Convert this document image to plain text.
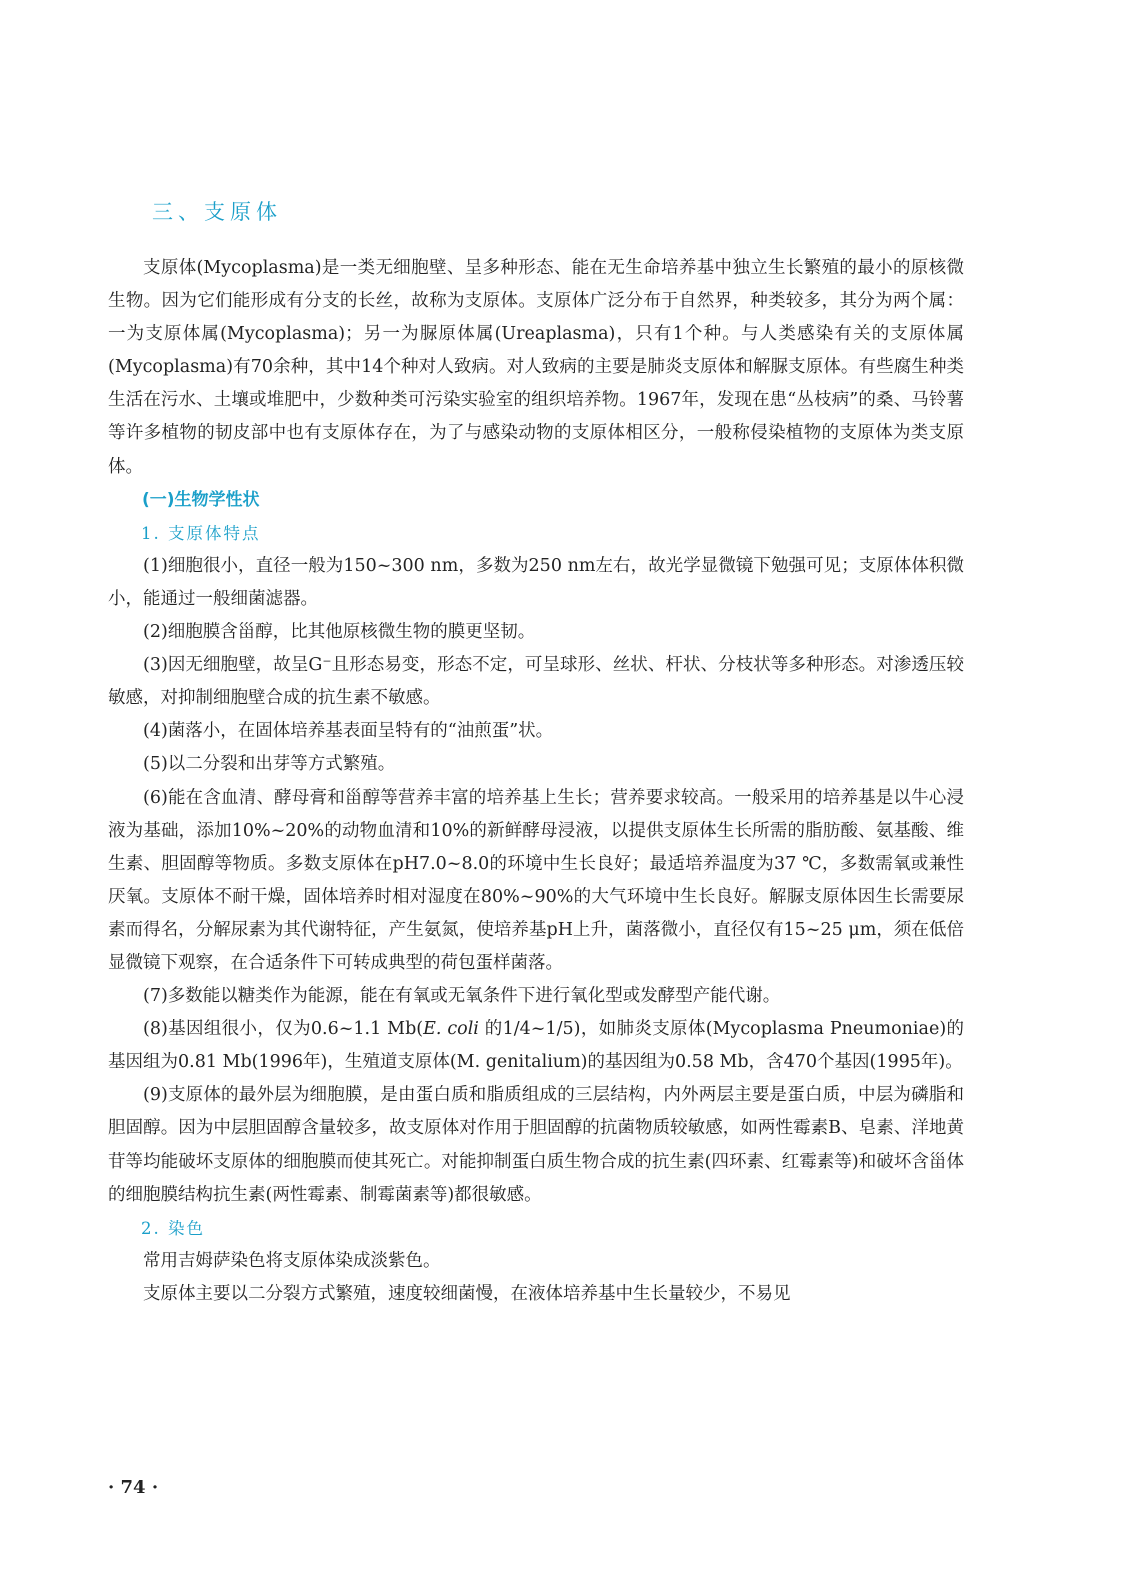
三、支原体

支原体(Mycoplasma)是一类无细胞壁、呈多种形态、能在无生命培养基中独立生长繁殖的最小的原核微生物。因为它们能形成有分支的长丝，故称为支原体。支原体广泛分布于自然界，种类较多，其分为两个属：一为支原体属(Mycoplasma)；另一为脲原体属(Ureaplasma)，只有1个种。与人类感染有关的支原体属(Mycoplasma)有70余种，其中14个种对人致病。对人致病的主要是肺炎支原体和解脲支原体。有些腐生种类生活在污水、土壤或堆肥中，少数种类可污染实验室的组织培养物。1967年，发现在患“丛枝病”的桑、马铃薯等许多植物的韧皮部中也有支原体存在，为了与感染动物的支原体相区分，一般称侵染植物的支原体为类支原体。

(一)生物学性状

1. 支原体特点

(1)细胞很小，直径一般为150~300 nm，多数为250 nm左右，故光学显微镜下勉强可见；支原体体积微小，能通过一般细菌滤器。

(2)细胞膜含甾醇，比其他原核微生物的膜更坚韧。

(3)因无细胞壁，故呈G⁻且形态易变，形态不定，可呈球形、丝状、杆状、分枝状等多种形态。对渗透压较敏感，对抑制细胞壁合成的抗生素不敏感。

(4)菌落小，在固体培养基表面呈特有的“油煎蛋”状。

(5)以二分裂和出芽等方式繁殖。

(6)能在含血清、酵母膏和甾醇等营养丰富的培养基上生长；营养要求较高。一般采用的培养基是以牛心浸液为基础，添加10%~20%的动物血清和10%的新鲜酵母浸液，以提供支原体生长所需的脂肪酸、氨基酸、维生素、胆固醇等物质。多数支原体在pH7.0~8.0的环境中生长良好；最适培养温度为37 ℃，多数需氧或兼性厌氧。支原体不耐干燥，固体培养时相对湿度在80%~90%的大气环境中生长良好。解脲支原体因生长需要尿素而得名，分解尿素为其代谢特征，产生氨氮，使培养基pH上升，菌落微小，直径仅有15~25 μm，须在低倍显微镜下观察，在合适条件下可转成典型的荷包蛋样菌落。

(7)多数能以糖类作为能源，能在有氧或无氧条件下进行氧化型或发酵型产能代谢。

(8)基因组很小，仅为0.6~1.1 Mb(E. coli 的1/4~1/5)，如肺炎支原体(Mycoplasma Pneumoniae)的基因组为0.81 Mb(1996年)，生殖道支原体(M. genitalium)的基因组为0.58 Mb，含470个基因(1995年)。

(9)支原体的最外层为细胞膜，是由蛋白质和脂质组成的三层结构，内外两层主要是蛋白质，中层为磷脂和胆固醇。因为中层胆固醇含量较多，故支原体对作用于胆固醇的抗菌物质较敏感，如两性霉素B、皂素、洋地黄苷等均能破坏支原体的细胞膜而使其死亡。对能抑制蛋白质生物合成的抗生素(四环素、红霉素等)和破坏含甾体的细胞膜结构抗生素(两性霉素、制霉菌素等)都很敏感。

2. 染色

常用吉姆萨染色将支原体染成淡紫色。

支原体主要以二分裂方式繁殖，速度较细菌慢，在液体培养基中生长量较少，不易见

· 74 ·
